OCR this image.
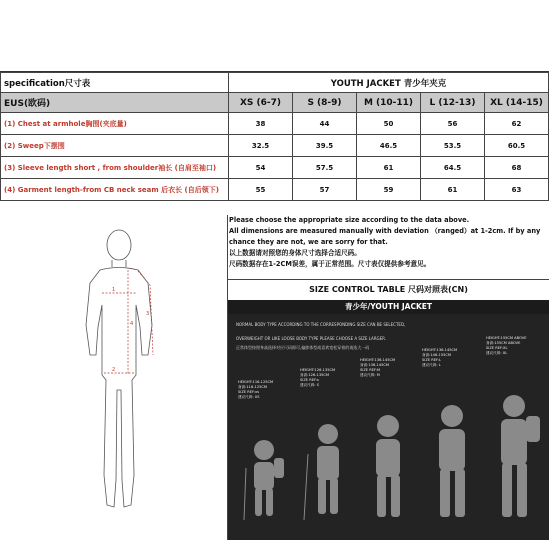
specification尺寸表	YOUTH JACKET 青少年夹克				
EUS(欧码)	XS (6-7)	S (8-9)	M (10-11)	L (12-13)	XL (14-15)
(1) Chest at armhole胸围(夹底量)	38	44	50	56	62
(2) Sweep下摆围	32.5	39.5	46.5	53.5	60.5
(3) Sleeve length short , from shoulder袖长 (自肩至袖口)	54	57.5	61	64.5	68
(4) Garment length-from CB neck seam 后衣长 (自后领下)	55	57	59	61	63
1
2
3
4
Please choose the appropriate size according to the data above.
All dimensions are measured manually with deviation （ranged）at 1-2cm. If by any
chance they are not, we are sorry for that.
以上数据请对照您的身体尺寸选择合适尺码。
尺码数据存在1-2CM误差，属于正常范围。尺寸表仅提供参考意见。
SIZE CONTROL TABLE 尺码对照表(CN)
青少年/YOUTH JACKET
NORMAL BODY TYPE ACCORDING TO THE CORRESPONDING SIZE CAN BE SELECTED,
OVERWEIGHT OR LIKE LOOSE BODY TYPE PLEASE CHOOSE A SIZE LARGER.
正常体型按照身高选择对应尺码即可,偏胖体型或喜欢宽松穿着的请选大一码
HEIGHT:116-125CM
身高:116-125CM
SIZE REF:xs
建议尺码: XS
HEIGHT:126-135CM
身高:126-135CM
SIZE REF:s
建议尺码: S
HEIGHT:136-145CM
身高:136-145CM
SIZE REF:M
建议尺码: M
HEIGHT:136-145CM
身高:146-155CM
SIZE REF:L
建议尺码: L
HEIGHT:155CM ABOVE
身高:155CM ABOVE
SIZE REF:XL
建议尺码: XL
